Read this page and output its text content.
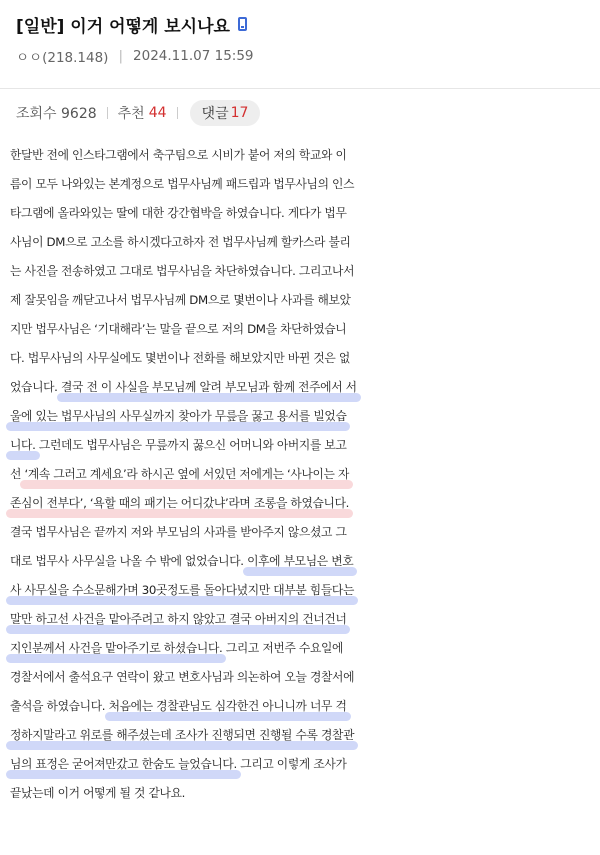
[일반] 이거 어떻게 보시나요
ㅇㅇ(218.148) | 2024.11.07 15:59
조회수 9628 추천 44	댓글 17
한달반 전에 인스타그램에서 축구팀으로 시비가 붙어 저의 학교와 이
름이 모두 나와있는 본계정으로 법무사님께 패드립과 법무사님의 인스
타그램에 올라와있는 딸에 대한 강간협박을 하였습니다. 게다가 법무
사님이 DM으로 고소를 하시겠다고하자 전 법무사님께 할카스라 불리
는 사진을 전송하였고 그대로 법무사님을 차단하였습니다. 그리고나서
제 잘못임을 깨닫고나서 법무사님께 DM으로 몇번이나 사과를 해보았
지만 법무사님은 ‘기대해라’는 말을 끝으로 저의 DM을 차단하였습니
다. 법무사님의 사무실에도 몇번이나 전화를 해보았지만 바뀐 것은 없
었습니다. 결국 전 이 사실을 부모님께 알려 부모님과 함께 전주에서 서
울에 있는 법무사님의 사무실까지 찾아가 무릎을 꿇고 용서를 빌었습
니다. 그런데도 법무사님은 무릎까지 꿇으신 어머니와 아버지를 보고
선 ‘계속 그러고 계세요’라 하시곤 옆에 서있던 저에게는 ‘사나이는 자
존심이 전부다’, ‘욕할 때의 패기는 어디갔냐’라며 조롱을 하였습니다.
결국 법무사님은 끝까지 저와 부모님의 사과를 받아주지 않으셨고 그
대로 법무사 사무실을 나올 수 밖에 없었습니다. 이후에 부모님은 변호
사 사무실을 수소문해가며 30곳정도를 돌아다녔지만 대부분 힘들다는
말만 하고선 사건을 맡아주려고 하지 않았고 결국 아버지의 건너건너
지인분께서 사건을 맡아주기로 하셨습니다. 그리고 저번주 수요일에
경찰서에서 출석요구 연락이 왔고 변호사님과 의논하여 오늘 경찰서에
출석을 하였습니다. 처음에는 경찰관님도 심각한건 아니니까 너무 걱
정하지말라고 위로를 해주셨는데 조사가 진행되면 진행될 수록 경찰관
님의 표정은 굳어져만갔고 한숨도 늘었습니다. 그리고 이렇게 조사가
끝났는데 이거 어떻게 될 것 같나요.
